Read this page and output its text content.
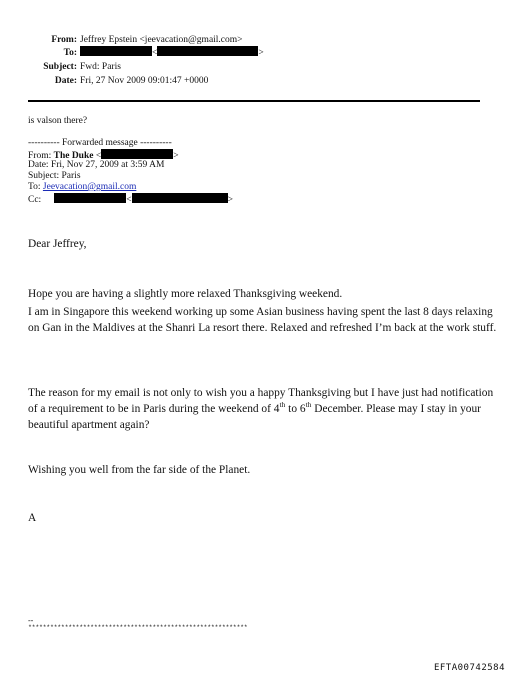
From: Jeffrey Epstein <jeevacation@gmail.com>
To:	<	>
Subject: Fwd: Paris
Date: Fri, 27 Nov 2009 09:01:47 +0000
is valson there?
---------- Forwarded message ----------
From: The Duke <	>
Date: Fri, Nov 27, 2009 at 3:59 AM
Subject: Paris
To: Jeevacation@gmail.com
Cc:	<	>

Dear Jeffrey,

Hope you are having a slightly more relaxed Thanksgiving weekend.

I am in Singapore this weekend working up some Asian business having spent the last 8 days relaxing on Gan in the Maldives at the Shanri La resort there. Relaxed and refreshed I’m back at the work stuff.

The reason for my email is not only to wish you a happy Thanksgiving but I have just had notification of a requirement to be in Paris during the weekend of 4th to 6th December. Please may I stay in your beautiful apartment again?

Wishing you well from the far side of the Planet.

A

--
************************************************************
EFTA00742584
